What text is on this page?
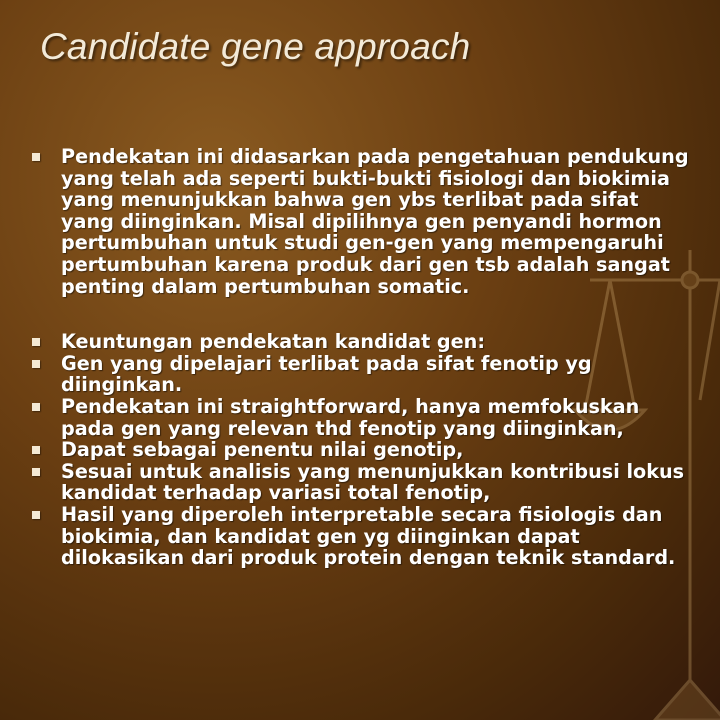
Candidate gene approach
Pendekatan ini didasarkan pada pengetahuan pendukung yang telah ada seperti bukti-bukti fisiologi dan biokimia yang menunjukkan bahwa gen ybs terlibat pada sifat yang diinginkan. Misal dipilihnya gen penyandi hormon pertumbuhan untuk studi gen-gen yang mempengaruhi pertumbuhan karena produk dari gen tsb adalah sangat penting dalam pertumbuhan somatic.
Keuntungan pendekatan kandidat gen:
Gen yang dipelajari terlibat pada sifat fenotip yg diinginkan.
Pendekatan ini straightforward, hanya memfokuskan pada gen yang relevan thd fenotip yang diinginkan,
Dapat sebagai penentu nilai genotip,
Sesuai untuk analisis yang menunjukkan kontribusi lokus kandidat terhadap variasi total fenotip,
Hasil yang diperoleh interpretable secara fisiologis dan biokimia, dan kandidat gen yg diinginkan dapat dilokasikan dari produk protein dengan teknik standard.
